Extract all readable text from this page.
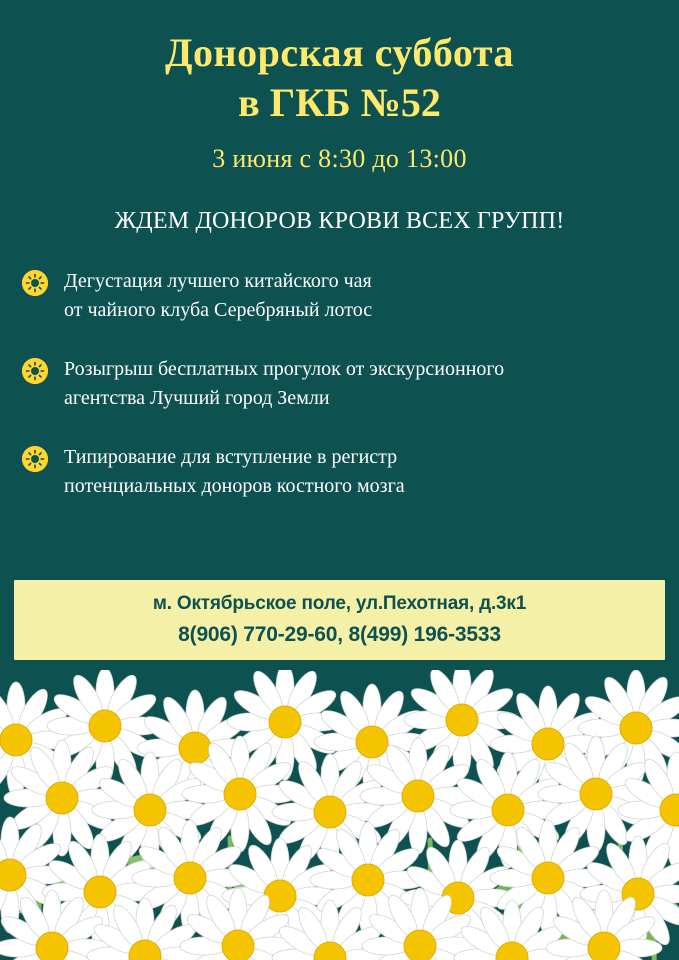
Донорская суббота
в ГКБ №52
3 июня с 8:30 до 13:00
ЖДЕМ ДОНОРОВ КРОВИ ВСЕХ ГРУПП!
Дегустация лучшего китайского чая
от чайного клуба Серебряный лотос
Розыгрыш бесплатных прогулок от экскурсионного
агентства Лучший город Земли
Типирование для вступление в регистр
потенциальных доноров костного мозга
м. Октябрьское поле, ул.Пехотная, д.3к1
8(906) 770-29-60, 8(499) 196-3533
